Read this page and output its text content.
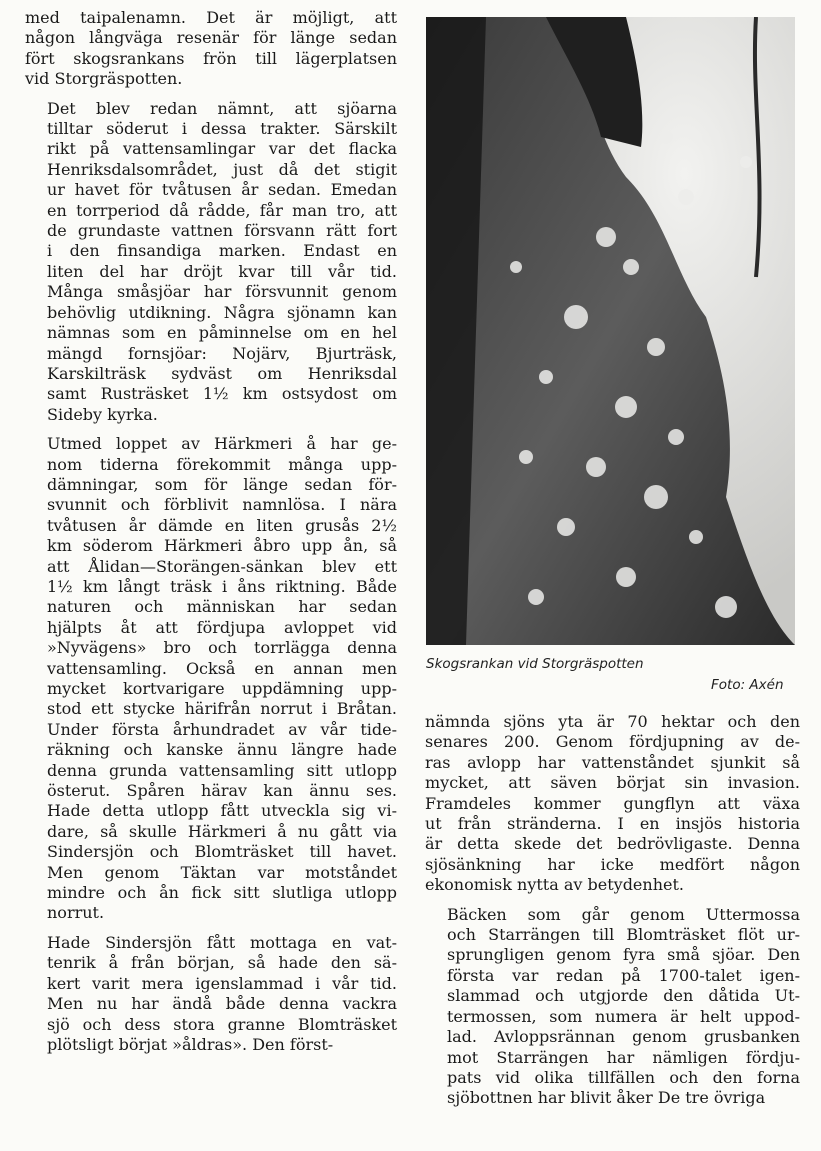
med taipalenamn. Det är möjligt, att
någon långväga resenär för länge sedan
fört skogsrankans frön till lägerplatsen
vid Storgräspotten.

Det blev redan nämnt, att sjöarna
tilltar söderut i dessa trakter. Särskilt
rikt på vattensamlingar var det flacka
Henriksdalsområdet, just då det stigit
ur havet för tvåtusen år sedan. Emedan
en torrperiod då rådde, får man tro, att
de grundaste vattnen försvann rätt fort
i den finsandiga marken. Endast en
liten del har dröjt kvar till vår tid.
Många småsjöar har försvunnit genom
behövlig utdikning. Några sjönamn kan
nämnas som en påminnelse om en hel
mängd fornsjöar: Nojärv, Bjurträsk,
Karskilträsk sydväst om Henriksdal
samt Rusträsket 1½ km ostsydost om
Sideby kyrka.

Utmed loppet av Härkmeri å har ge-
nom tiderna förekommit många upp-
dämningar, som för länge sedan för-
svunnit och förblivit namnlösa. I nära
tvåtusen år dämde en liten grusås 2½
km söderom Härkmeri åbro upp ån, så
att Ålidan—Storängen-sänkan blev ett
1½ km långt träsk i åns riktning. Både
naturen och människan har sedan
hjälpts åt att fördjupa avloppet vid
»Nyvägens» bro och torrlägga denna
vattensamling. Också en annan men
mycket kortvarigare uppdämning upp-
stod ett stycke härifrån norrut i Bråtan.
Under första århundradet av vår tide-
räkning och kanske ännu längre hade
denna grunda vattensamling sitt utlopp
österut. Spåren härav kan ännu ses.
Hade detta utlopp fått utveckla sig vi-
dare, så skulle Härkmeri å nu gått via
Sindersjön och Blomträsket till havet.
Men genom Täktan var motståndet
mindre och ån fick sitt slutliga utlopp
norrut.

Hade Sindersjön fått mottaga en vat-
tenrik å från början, så hade den sä-
kert varit mera igenslammad i vår tid.
Men nu har ändå både denna vackra
sjö och dess stora granne Blomträsket
plötsligt börjat »åldras». Den först-

Skogsrankan vid Storgräspotten
Foto: Axén

nämnda sjöns yta är 70 hektar och den
senares 200. Genom fördjupning av de-
ras avlopp har vattenståndet sjunkit så
mycket, att säven börjat sin invasion.
Framdeles kommer gungflyn att växa
ut från stränderna. I en insjös historia
är detta skede det bedrövligaste. Denna
sjösänkning har icke medfört någon
ekonomisk nytta av betydenhet.

Bäcken som går genom Uttermossa
och Starrängen till Blomträsket flöt ur-
sprungligen genom fyra små sjöar. Den
första var redan på 1700-talet igen-
slammad och utgjorde den dåtida Ut-
termossen, som numera är helt uppod-
lad. Avloppsrännan genom grusbanken
mot Starrängen har nämligen fördju-
pats vid olika tillfällen och den forna
sjöbottnen har blivit åker De tre övriga
